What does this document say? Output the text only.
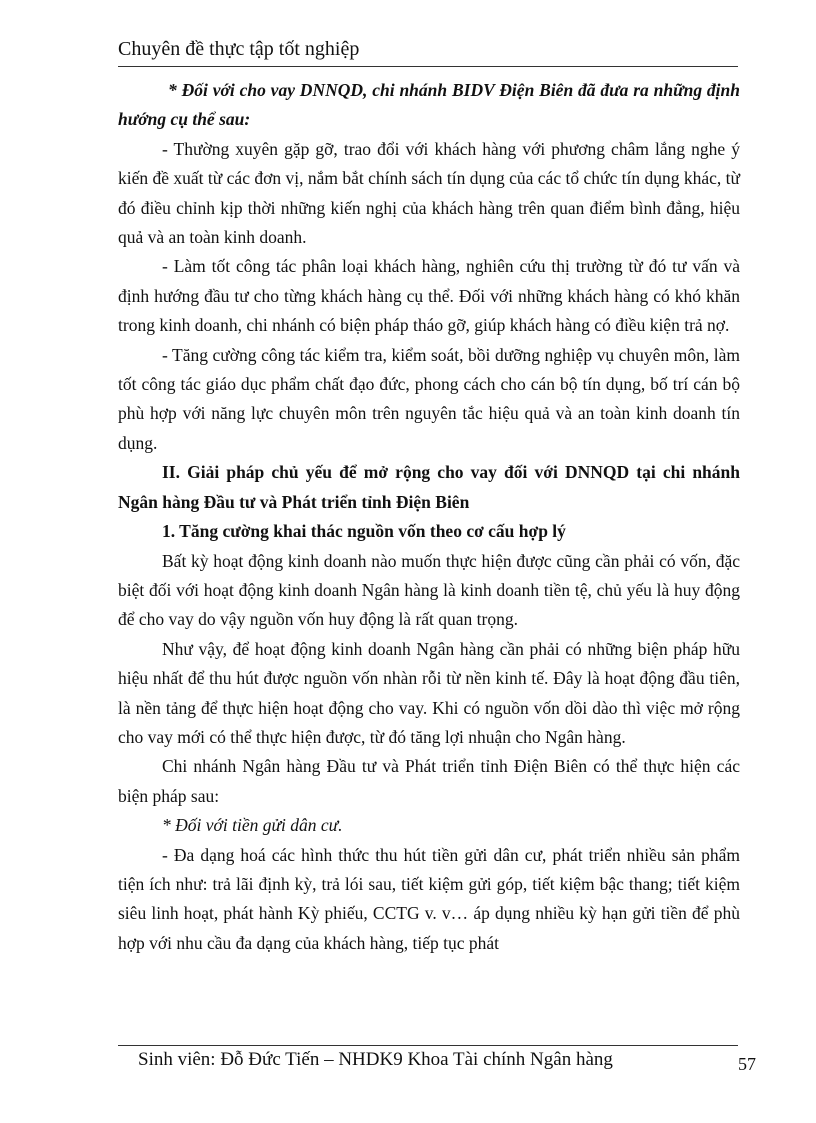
Chuyên đề thực tập tốt nghiệp

* Đối với cho vay DNNQD, chi nhánh BIDV Điện Biên đã đưa ra những định hướng cụ thể sau:

- Thường xuyên gặp gỡ, trao đổi với khách hàng với phương châm lắng nghe ý kiến đề xuất từ các đơn vị, nắm bắt chính sách tín dụng của các tổ chức tín dụng khác, từ đó điều chỉnh kịp thời những kiến nghị của khách hàng trên quan điểm bình đẳng, hiệu quả và an toàn kinh doanh.

- Làm tốt công tác phân loại khách hàng, nghiên cứu thị trường từ đó tư vấn và định hướng đầu tư cho từng khách hàng cụ thể. Đối với những khách hàng có khó khăn trong kinh doanh, chi nhánh có biện pháp tháo gỡ, giúp khách hàng có điều kiện trả nợ.

- Tăng cường công tác kiểm tra, kiểm soát, bồi dưỡng nghiệp vụ chuyên môn, làm tốt công tác giáo dục phẩm chất đạo đức, phong cách cho cán bộ tín dụng, bố trí cán bộ phù hợp với năng lực chuyên môn trên nguyên tắc hiệu quả và an toàn kinh doanh tín dụng.

II. Giải pháp chủ yếu để mở rộng cho vay đối với DNNQD tại chi nhánh Ngân hàng Đầu tư và Phát triển tỉnh Điện Biên

1. Tăng cường khai thác nguồn vốn theo cơ cấu hợp lý

Bất kỳ hoạt động kinh doanh nào muốn thực hiện được cũng cần phải có vốn, đặc biệt đối với hoạt động kinh doanh Ngân hàng là kinh doanh tiền tệ, chủ yếu là huy động để cho vay do vậy nguồn vốn huy động là rất quan trọng.

Như vậy, để hoạt động kinh doanh Ngân hàng cần phải có những biện pháp hữu hiệu nhất để thu hút được nguồn vốn nhàn rỗi từ nền kinh tế. Đây là hoạt động đầu tiên, là nền tảng để thực hiện hoạt động cho vay. Khi có nguồn vốn dồi dào thì việc mở rộng cho vay mới có thể thực hiện được, từ đó tăng lợi nhuận cho Ngân hàng.

Chi nhánh Ngân hàng Đầu tư và Phát triển tỉnh Điện Biên có thể thực hiện các biện pháp sau:

* Đối với tiền gửi dân cư.

- Đa dạng hoá các hình thức thu hút tiền gửi dân cư, phát triển nhiều sản phẩm tiện ích như: trả lãi định kỳ, trả lói sau, tiết kiệm gửi góp, tiết kiệm bậc thang; tiết kiệm siêu linh hoạt, phát hành Kỳ phiếu, CCTG v. v… áp dụng nhiều kỳ hạn gửi tiền để phù hợp với nhu cầu đa dạng của khách hàng, tiếp tục phát

Sinh viên: Đỗ Đức Tiến – NHDK9 Khoa Tài chính Ngân hàng	57
